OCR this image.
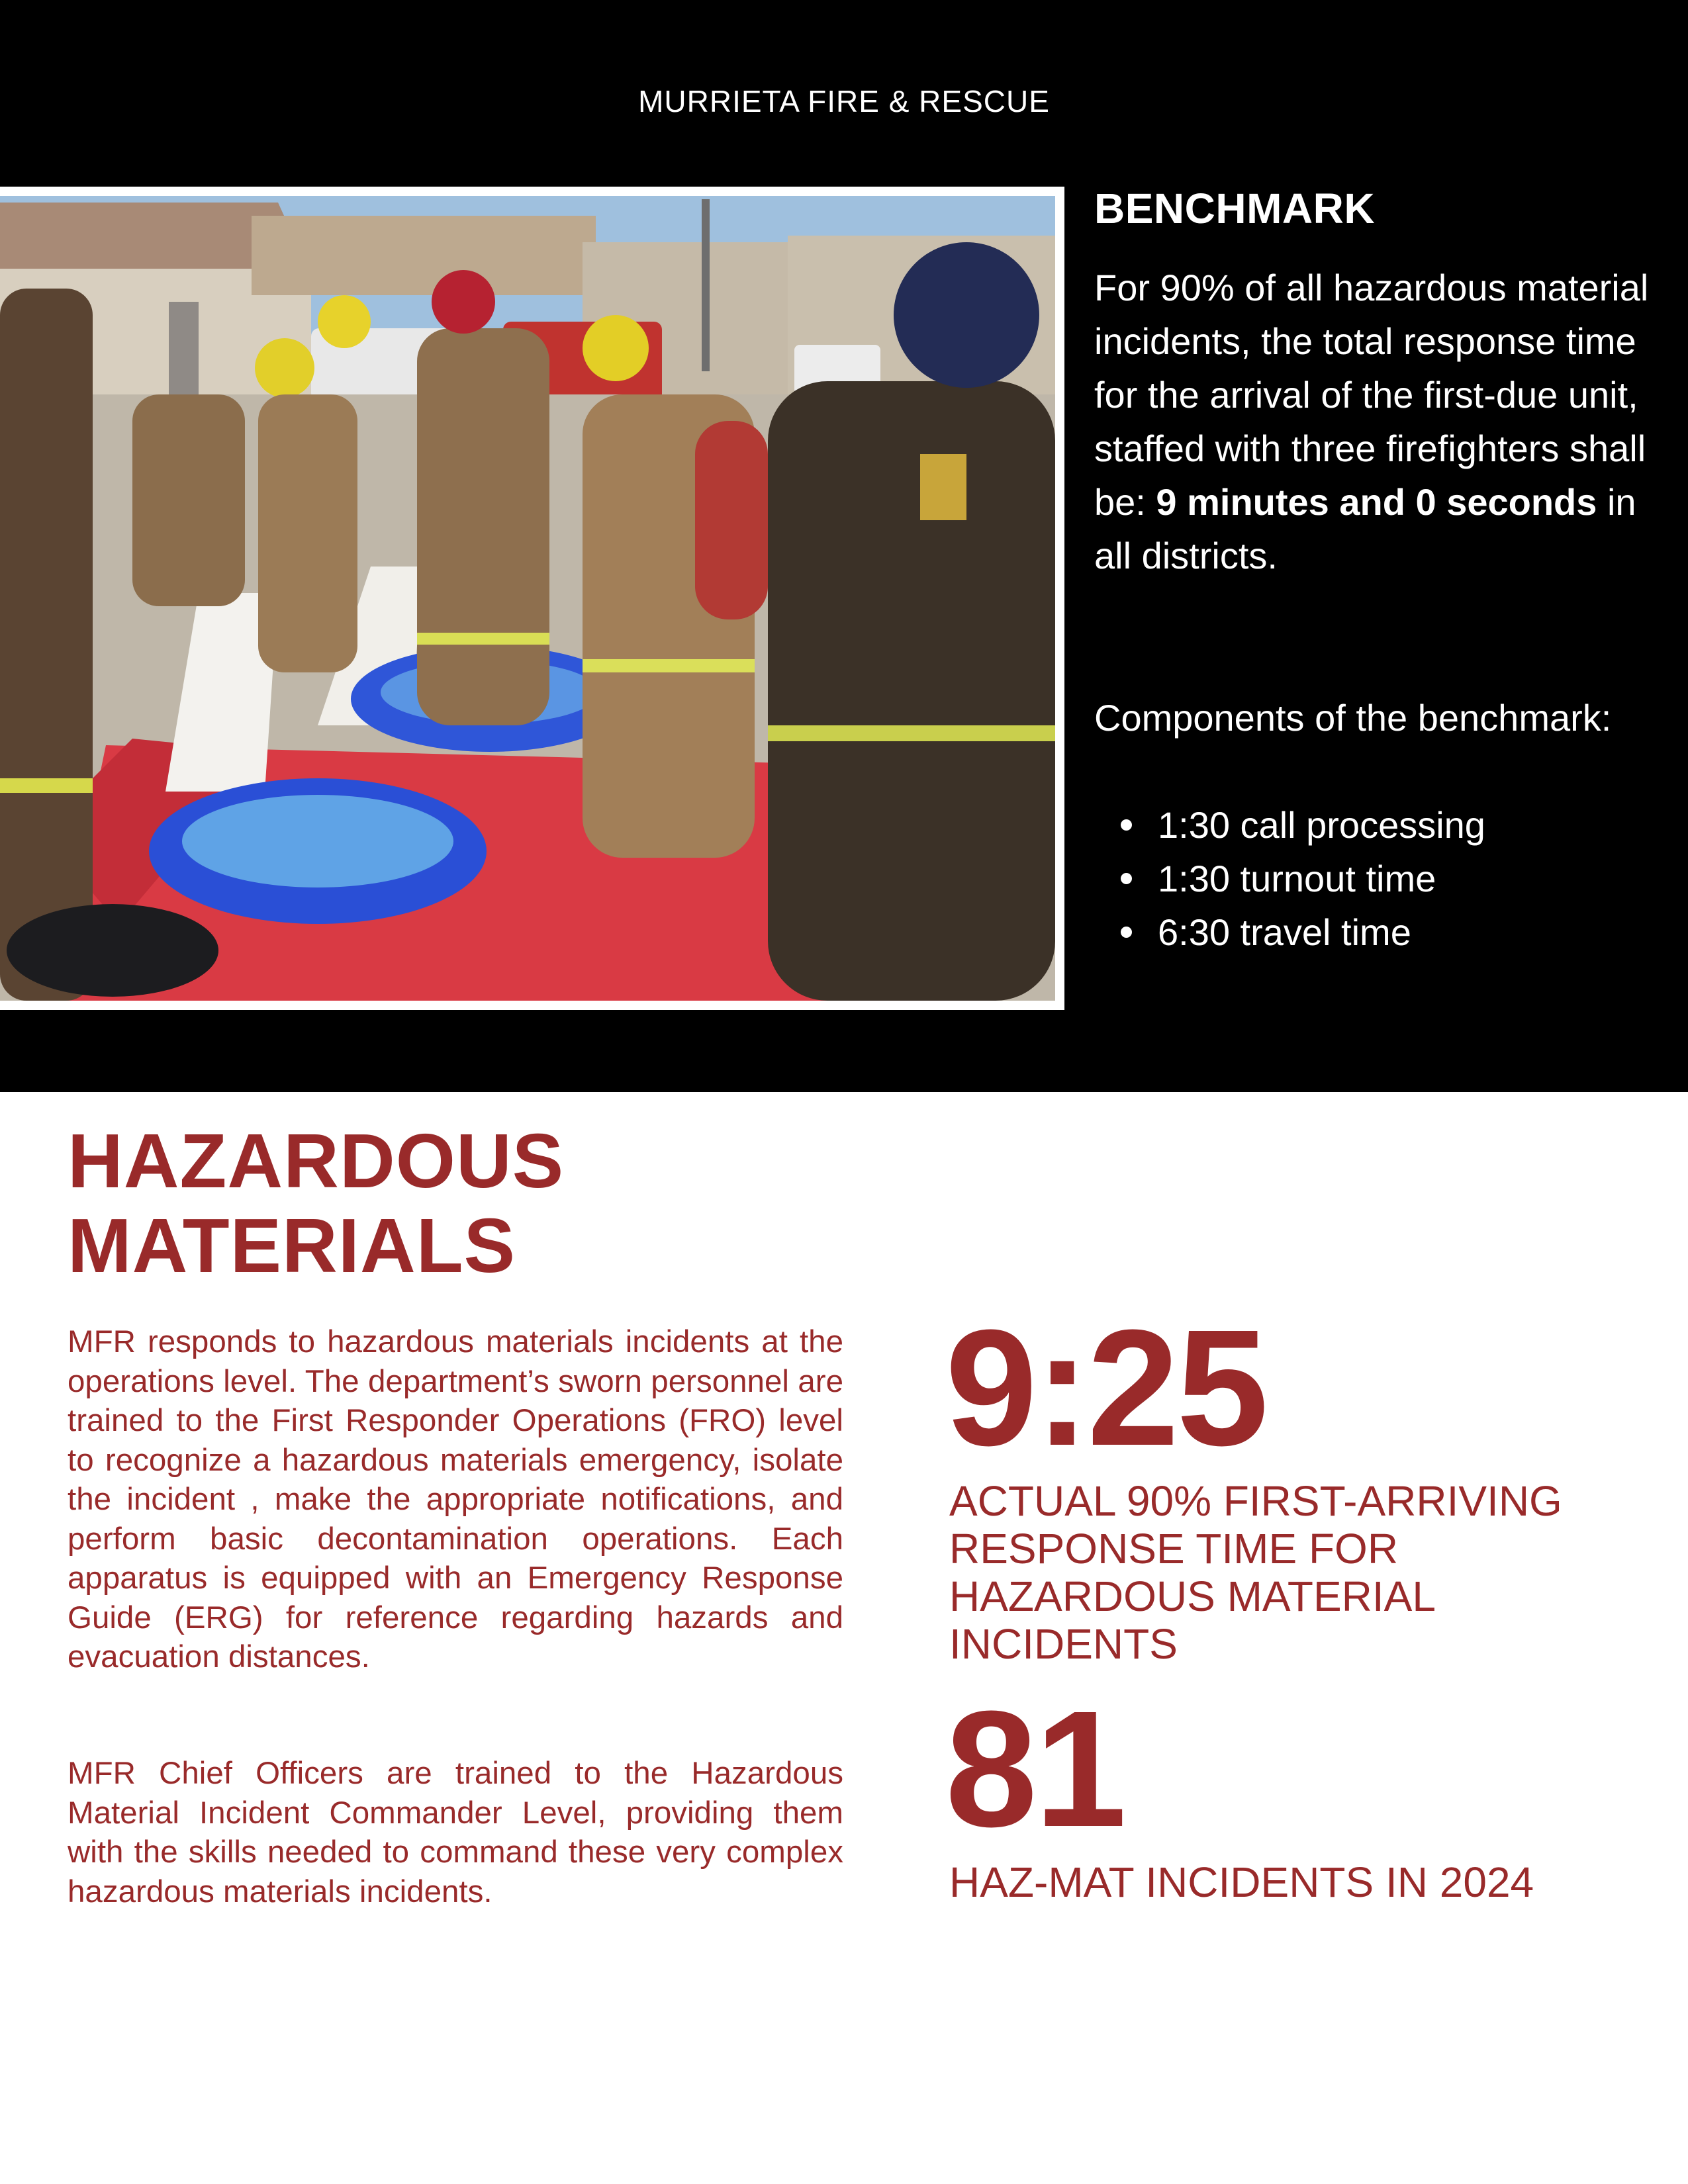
MURRIETA FIRE & RESCUE
BENCHMARK
For 90% of all hazardous material incidents, the total response time for the arrival of the first-due unit, staffed with three firefighters shall be: 9 minutes and 0 seconds in all districts.
Components of the benchmark:
1:30 call processing
1:30 turnout time
6:30 travel time
HAZARDOUS
MATERIALS
MFR responds to hazardous materials incidents at the operations level. The department’s sworn personnel are trained to the First Responder Operations (FRO) level to recognize a hazardous materials emergency, isolate the incident , make the appropriate notifications, and perform basic decontamination operations. Each apparatus is equipped with an Emergency Response Guide (ERG) for reference regarding hazards and evacuation distances.
MFR Chief Officers are trained to the Hazardous Material Incident Commander Level, providing them with the skills needed to command these very complex hazardous materials incidents.
9:25
ACTUAL 90% FIRST-ARRIVING RESPONSE TIME FOR HAZARDOUS MATERIAL INCIDENTS
81
HAZ-MAT INCIDENTS IN 2024
